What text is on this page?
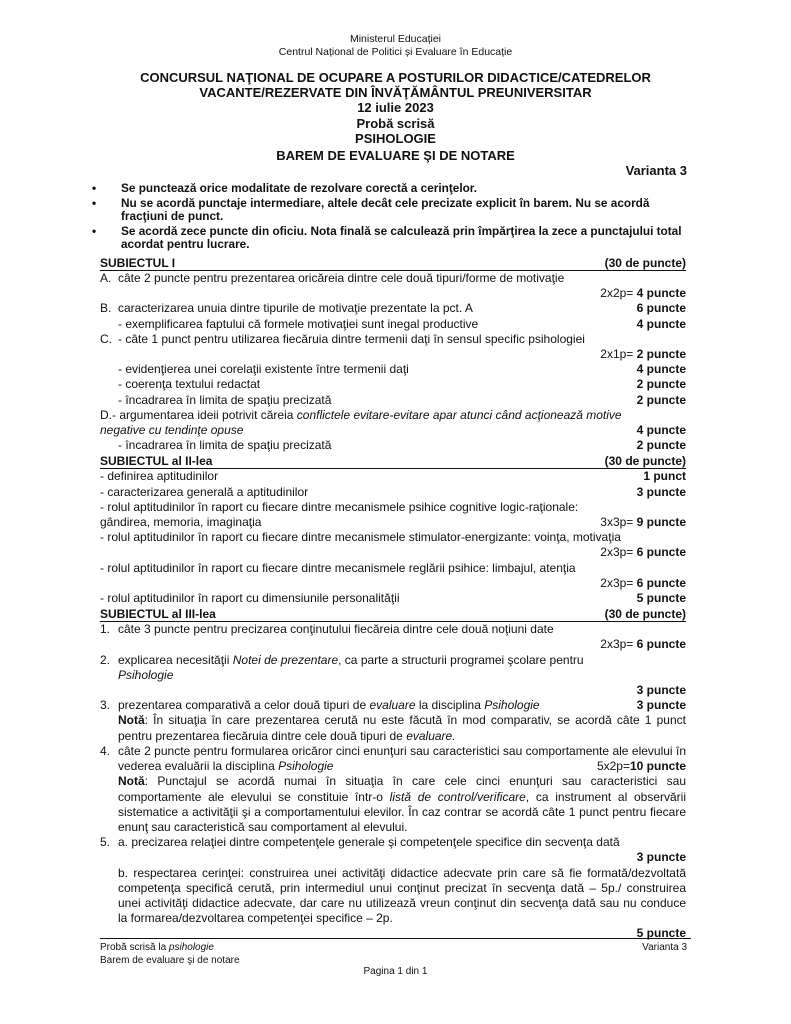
Ministerul Educației
Centrul Național de Politici și Evaluare în Educație
CONCURSUL NAŢIONAL DE OCUPARE A POSTURILOR DIDACTICE/CATEDRELOR
VACANTE/REZERVATE DIN ÎNVĂŢĂMÂNTUL PREUNIVERSITAR
12 iulie 2023
Probă scrisă
PSIHOLOGIE
BAREM DE EVALUARE ŞI DE NOTARE
Varianta 3
• Se punctează orice modalitate de rezolvare corectă a cerinţelor.
• Nu se acordă punctaje intermediare, altele decât cele precizate explicit în barem. Nu se acordă fracţiuni de punct.
• Se acordă zece puncte din oficiu. Nota finală se calculează prin împărţirea la zece a punctajului total acordat pentru lucrare.
SUBIECTUL I	(30 de puncte)
A. câte 2 puncte pentru prezentarea oricăreia dintre cele două tipuri/forme de motivaţie
2x2p= 4 puncte
B. caracterizarea unuia dintre tipurile de motivaţie prezentate la pct. A	6 puncte
- exemplificarea faptului că formele motivaţiei sunt inegal productive	4 puncte
C. - câte 1 punct pentru utilizarea fiecăruia dintre termenii daţi în sensul specific psihologiei
2x1p= 2 puncte
- evidenţierea unei corelaţii existente între termenii daţi	4 puncte
- coerenţa textului redactat	2 puncte
- încadrarea în limita de spaţiu precizată	2 puncte
D.- argumentarea ideii potrivit căreia conflictele evitare-evitare apar atunci când acţionează motive
negative cu tendinţe opuse	4 puncte
- încadrarea în limita de spaţiu precizată	2 puncte
SUBIECTUL al II-lea	(30 de puncte)
- definirea aptitudinilor	1 punct
- caracterizarea generală a aptitudinilor	3 puncte
- rolul aptitudinilor în raport cu fiecare dintre mecanismele psihice cognitive logic-raţionale:
gândirea, memoria, imaginaţia	3x3p= 9 puncte
- rolul aptitudinilor în raport cu fiecare dintre mecanismele stimulator-energizante: voinţa, motivaţia
2x3p= 6 puncte
- rolul aptitudinilor în raport cu fiecare dintre mecanismele reglării psihice: limbajul, atenţia
2x3p= 6 puncte
- rolul aptitudinilor în raport cu dimensiunile personalităţii	5 puncte
SUBIECTUL al III-lea	(30 de puncte)
1. câte 3 puncte pentru precizarea conţinutului fiecăreia dintre cele două noţiuni date
2x3p= 6 puncte
2. explicarea necesităţii Notei de prezentare, ca parte a structurii programei şcolare pentru
Psihologie
3 puncte
3. prezentarea comparativă a celor două tipuri de evaluare la disciplina Psihologie	3 puncte
Notă: În situaţia în care prezentarea cerută nu este făcută în mod comparativ, se acordă câte 1 punct pentru prezentarea fiecăruia dintre cele două tipuri de evaluare.
4. câte 2 puncte pentru formularea oricăror cinci enunţuri sau caracteristici sau comportamente ale elevului în vederea evaluării la disciplina Psihologie	5x2p=10 puncte
Notă: Punctajul se acordă numai în situaţia în care cele cinci enunţuri sau caracteristici sau comportamente ale elevului se constituie într-o listă de control/verificare, ca instrument al observării sistematice a activităţii şi a comportamentului elevilor. În caz contrar se acordă câte 1 punct pentru fiecare enunţ sau caracteristică sau comportament al elevului.
5. a. precizarea relaţiei dintre competenţele generale şi competenţele specifice din secvenţa dată
3 puncte
b. respectarea cerinţei: construirea unei activităţi didactice adecvate prin care să fie formată/dezvoltată competenţa specifică cerută, prin intermediul unui conţinut precizat în secvenţa dată – 5p./ construirea unei activităţi didactice adecvate, dar care nu utilizează vreun conţinut din secvenţa dată sau nu conduce la formarea/dezvoltarea competenţei specifice – 2p.
5 puncte
Probă scrisă la psihologie
Barem de evaluare şi de notare
Varianta 3
Pagina 1 din 1
